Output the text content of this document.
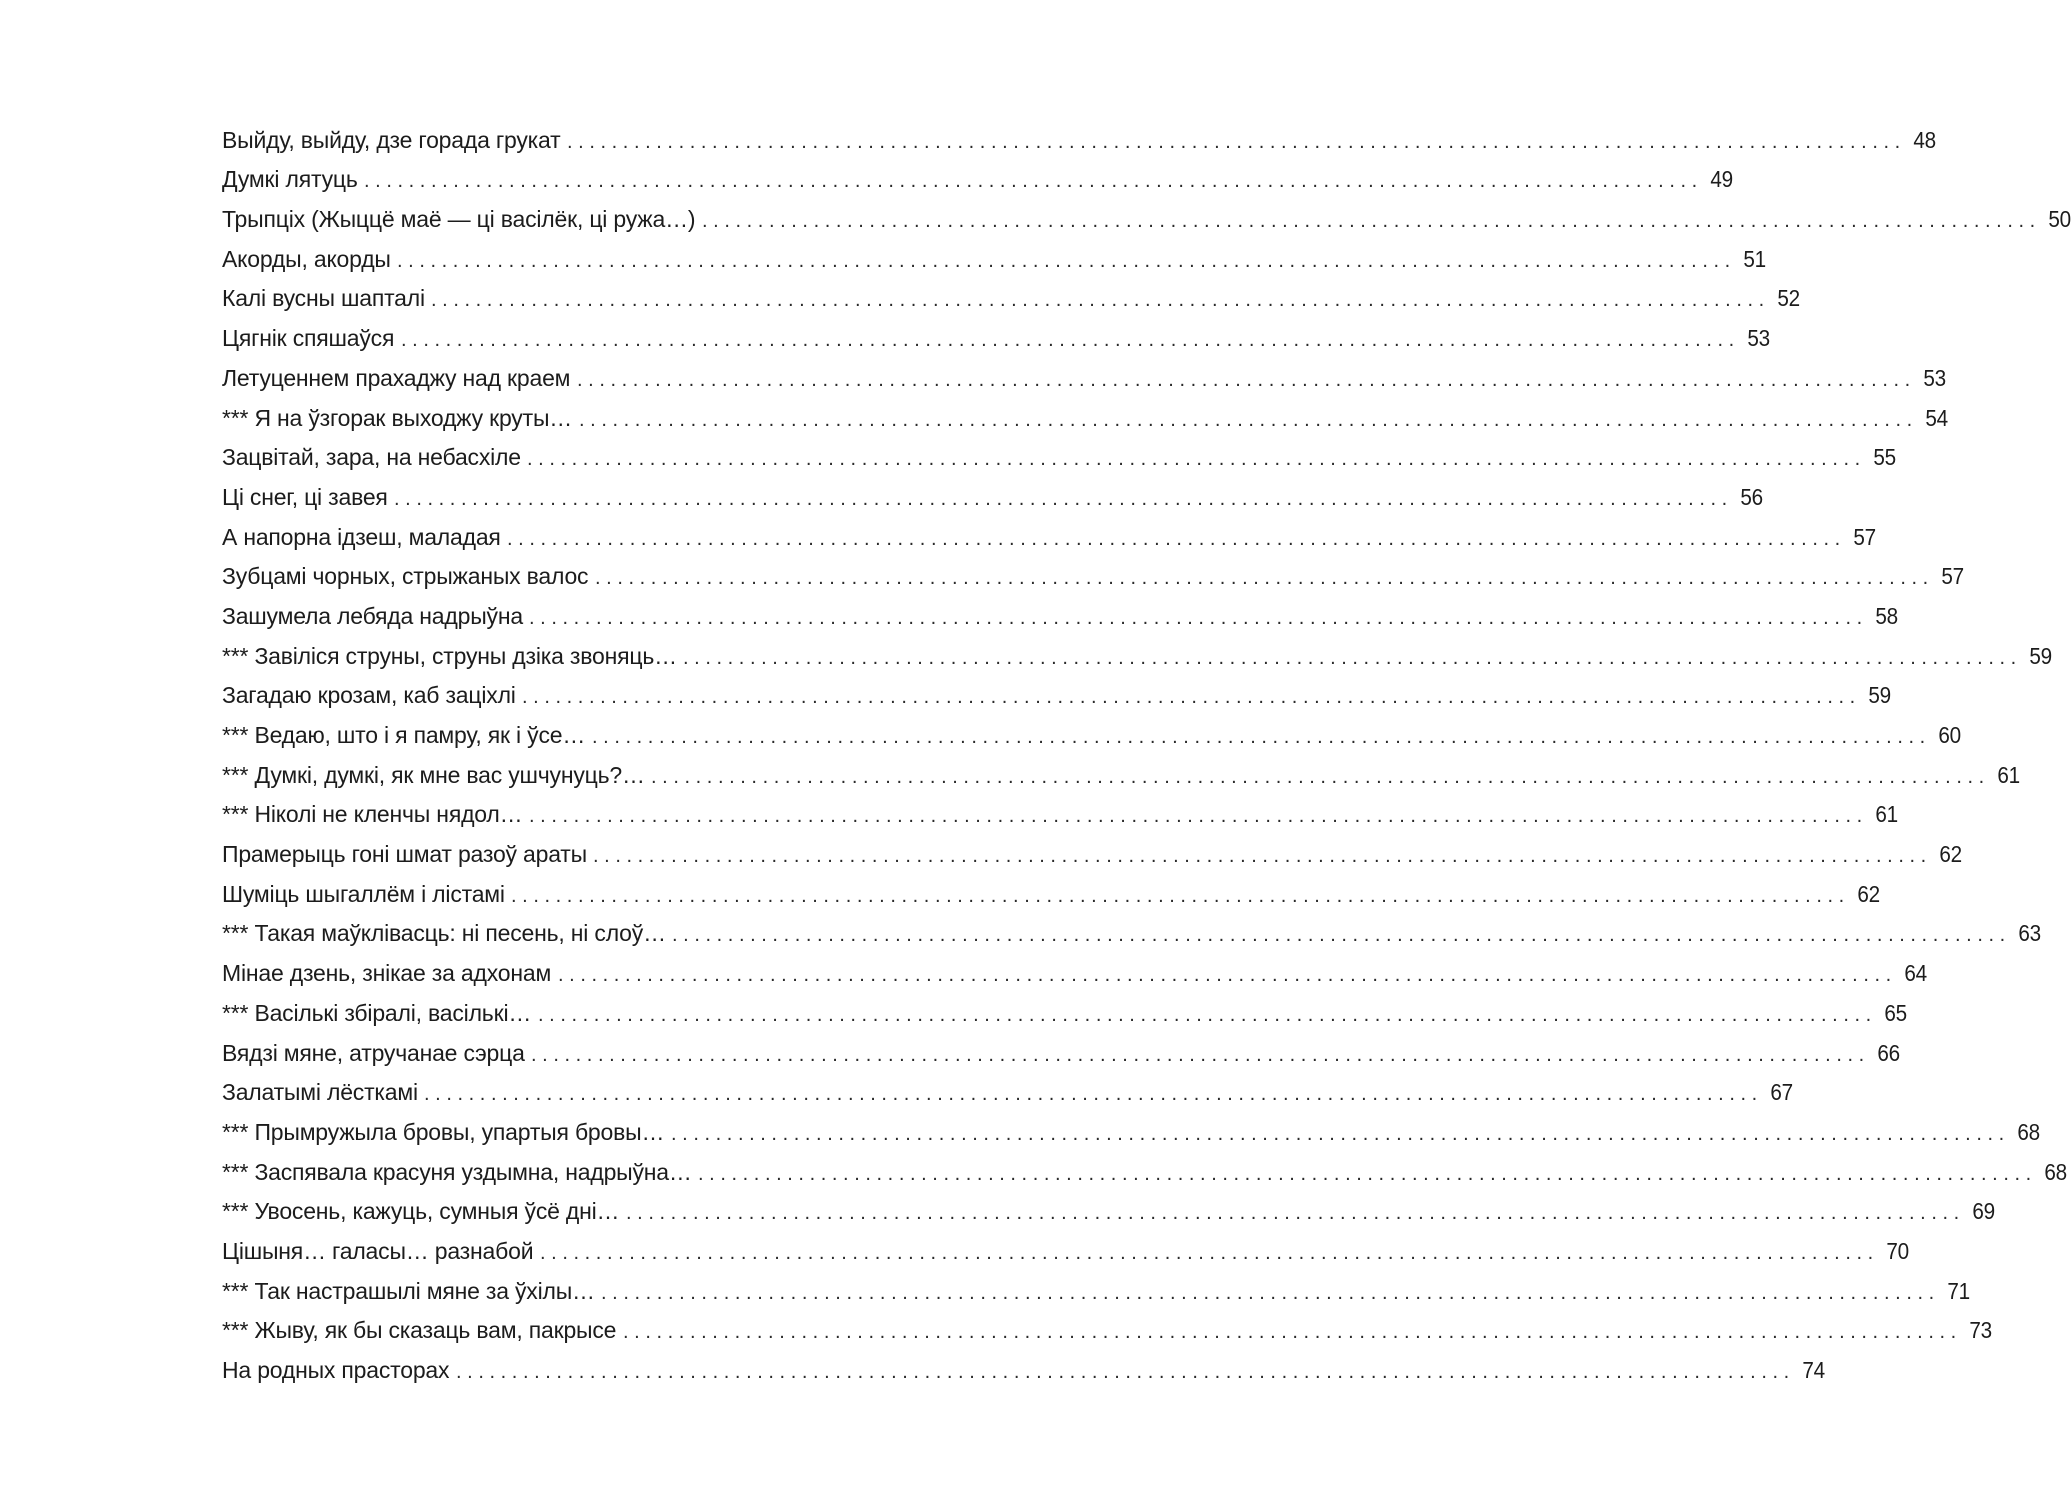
Выйду, выйду, дзе горада грукат ........................................................................................................................ 48
Думкі лятуць ........................................................................................................................ 49
Трыпціх (Жыццё маё — ці васілёк, ці ружа…) ........................................................................................................................ 50
Акорды, акорды ........................................................................................................................ 51
Калі вусны шапталі ........................................................................................................................ 52
Цягнік спяшаўся ........................................................................................................................ 53
Летуценнем прахаджу над краем ........................................................................................................................ 53
*** Я на ўзгорак выходжу круты… ........................................................................................................................ 54
Зацвітай, зара, на небасхіле ........................................................................................................................ 55
Ці снег, ці завея ........................................................................................................................ 56
А напорна ідзеш, маладая ........................................................................................................................ 57
Зубцамі чорных, стрыжаных валос ........................................................................................................................ 57
Зашумела лебяда надрыўна ........................................................................................................................ 58
*** Завіліся струны, струны дзіка звоняць… ........................................................................................................................ 59
Загадаю крозам, каб заціхлі ........................................................................................................................ 59
*** Ведаю, што і я памру, як і ўсе… ........................................................................................................................ 60
*** Думкі, думкі, як мне вас ушчунуць?… ........................................................................................................................ 61
*** Ніколі не кленчы нядол… ........................................................................................................................ 61
Прамерыць гоні шмат разоў араты ........................................................................................................................ 62
Шуміць шыгаллём і лістамі ........................................................................................................................ 62
*** Такая маўклівасць: ні песень, ні слоў… ........................................................................................................................ 63
Мінае дзень, знікае за адхонам ........................................................................................................................ 64
*** Васількі збіралі, васількі… ........................................................................................................................ 65
Вядзі мяне, атручанае сэрца ........................................................................................................................ 66
Залатымі лёсткамі ........................................................................................................................ 67
*** Прымружыла бровы, упартыя бровы… ........................................................................................................................ 68
*** Заспявала красуня уздымна, надрыўна… ........................................................................................................................ 68
*** Увосень, кажуць, сумныя ўсё дні… ........................................................................................................................ 69
Цішыня… галасы… разнабой ........................................................................................................................ 70
*** Так настрашылі мяне за ўхілы… ........................................................................................................................ 71
*** Жыву, як бы сказаць вам, пакрысе ........................................................................................................................ 73
На родных прасторах ........................................................................................................................ 74
